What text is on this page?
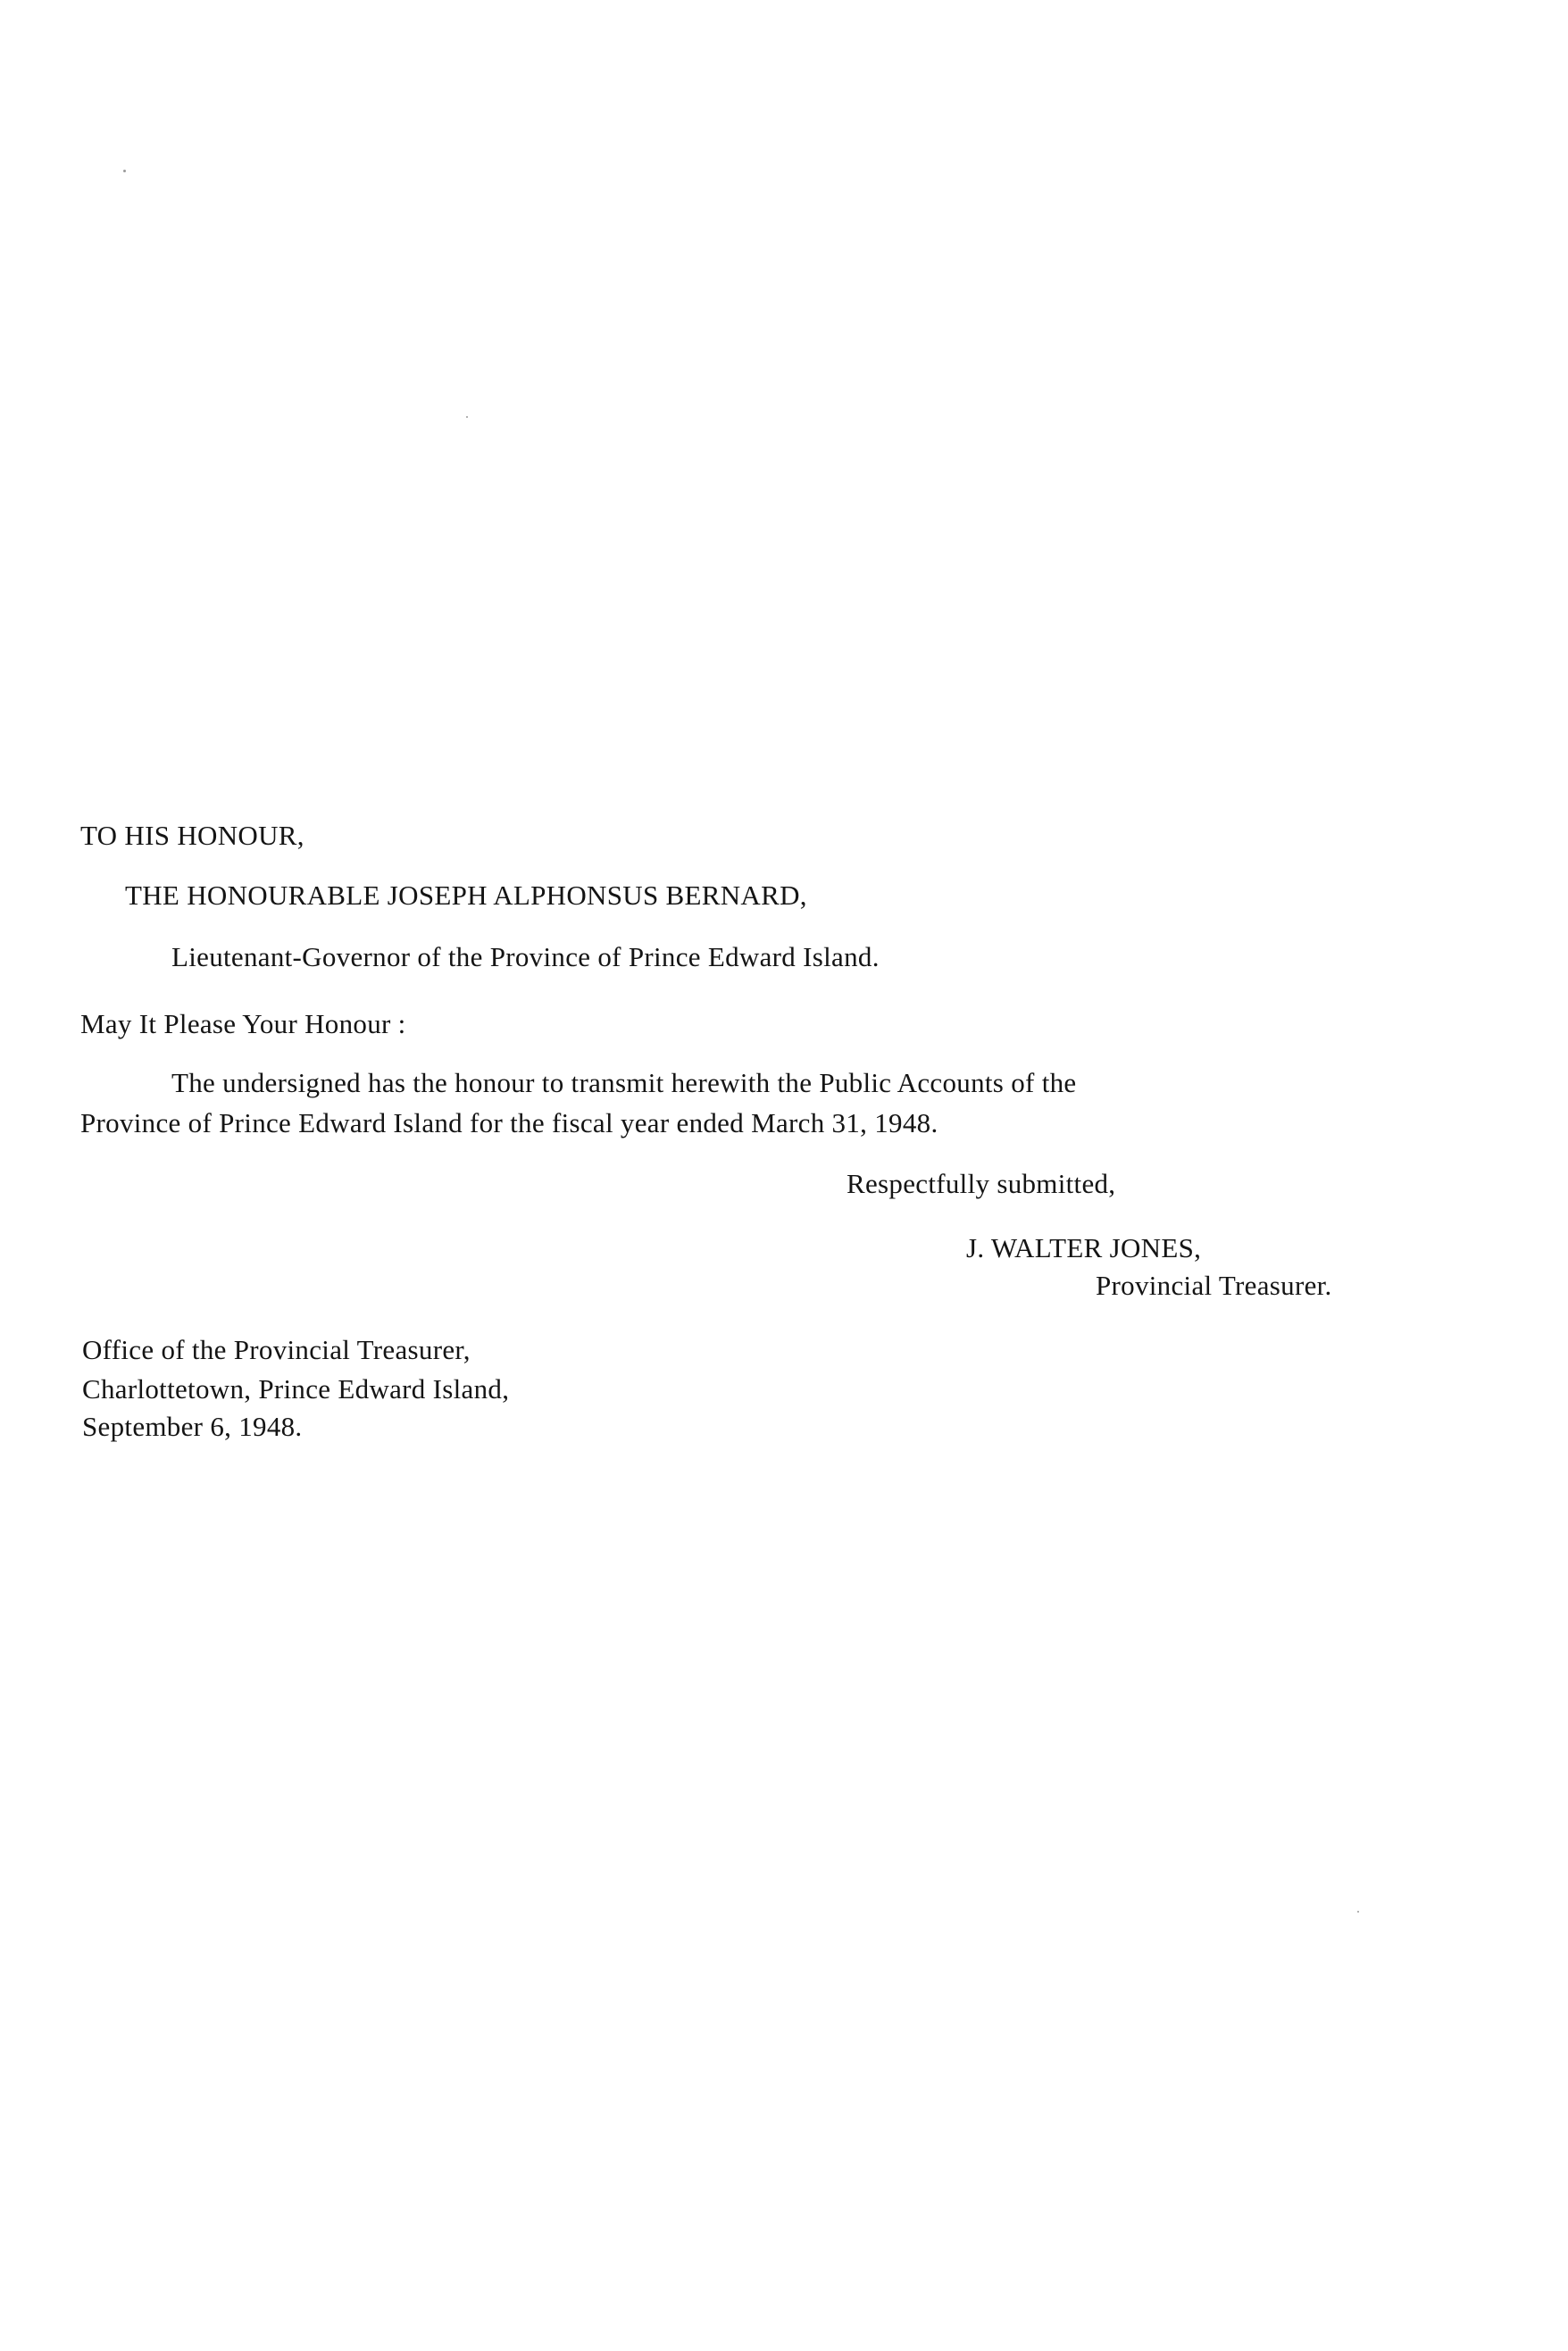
TO HIS HONOUR,
THE HONOURABLE JOSEPH ALPHONSUS BERNARD,
Lieutenant-Governor of the Province of Prince Edward Island.
May It Please Your Honour :
The undersigned has the honour to transmit herewith the Public Accounts of the
Province of Prince Edward Island for the fiscal year ended March 31, 1948.
Respectfully submitted,
J. WALTER JONES,
Provincial Treasurer.
Office of the Provincial Treasurer,
Charlottetown, Prince Edward Island,
September 6, 1948.
